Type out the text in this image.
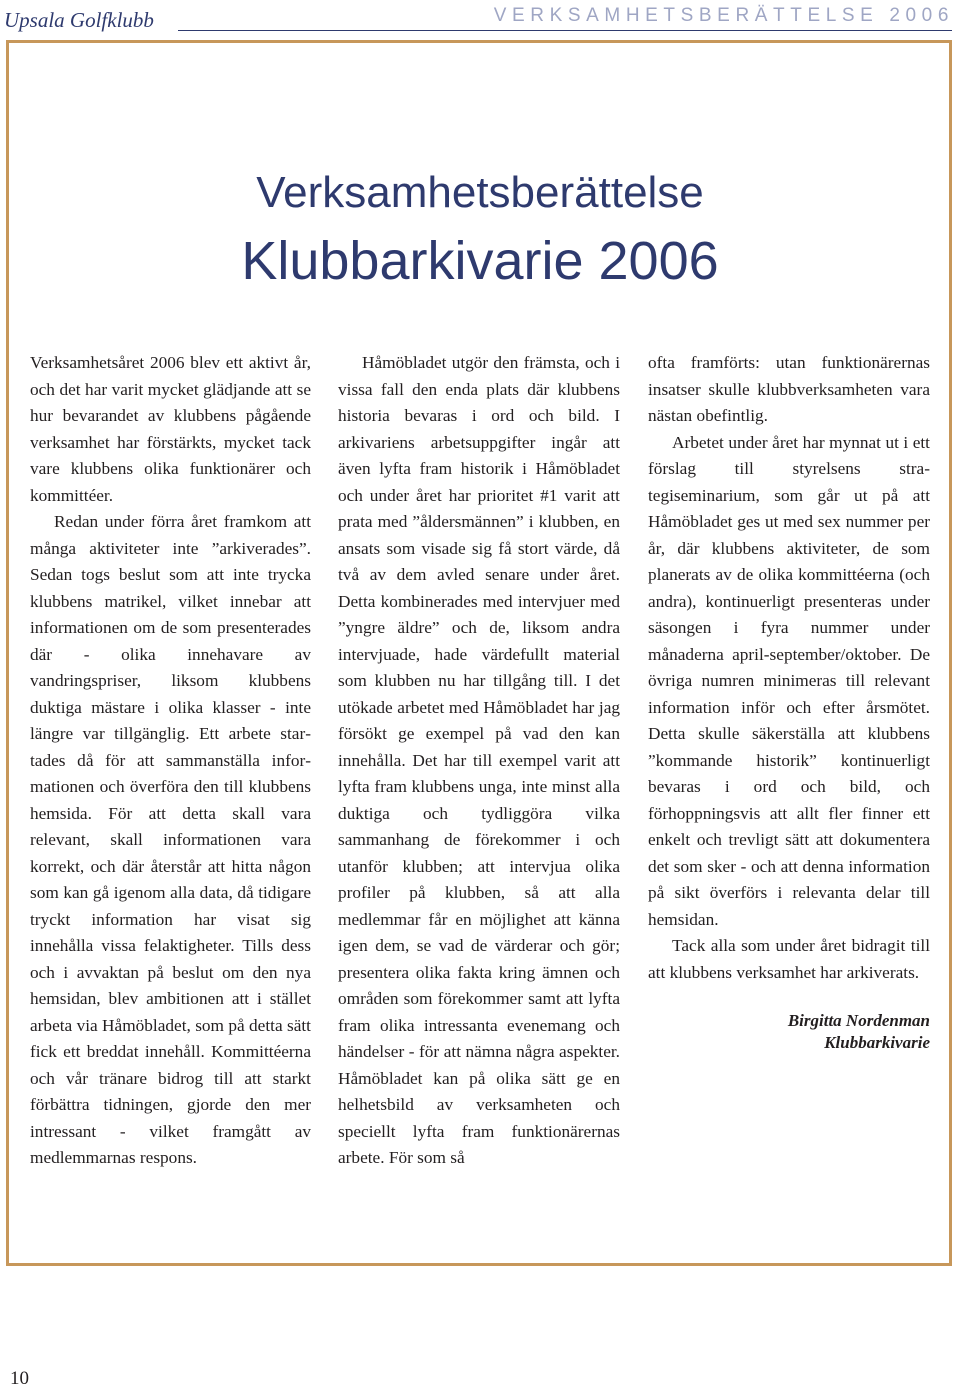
Upsala Golfklubb	VERKSAMHETSBERÄTTELSE 2006
Verksamhetsberättelse
Klubbarkivarie 2006

Verksamhetsåret 2006 blev ett aktivt år, och det har varit mycket glädjande att se hur bevarandet av klubbens pågående verksamhet har förstärkts, mycket tack vare klubbens olika funktionärer och kommittéer.

Redan under förra året framkom att många aktiviteter inte ”arkiverades”. Sedan togs beslut som att inte trycka klubbens matrikel, vilket innebar att informationen om de som presenterades där - olika innehavare av vandringspriser, liksom klubbens duktiga mästare i olika klasser - inte längre var tillgänglig. Ett arbete startades då för att sammanställa informationen och överföra den till klubbens hemsida. För att detta skall vara relevant, skall informationen vara korrekt, och där återstår att hitta någon som kan gå igenom alla data, då tidigare tryckt information har visat sig innehålla vissa felaktigheter. Tills dess och i avvaktan på beslut om den nya hemsidan, blev ambitionen att i stället arbeta via Håmöbladet, som på detta sätt fick ett breddat innehåll. Kommittéerna och vår tränare bidrog till att starkt förbättra tidningen, gjorde den mer intressant - vilket framgått av medlemmarnas respons.

Håmöbladet utgör den främsta, och i vissa fall den enda plats där klubbens historia bevaras i ord och bild. I arkivariens arbetsuppgifter ingår att även lyfta fram historik i Håmöbladet och under året har prioritet #1 varit att prata med ”åldersmännen” i klubben, en ansats som visade sig få stort värde, då två av dem avled senare under året. Detta kombinerades med intervjuer med ”yngre äldre” och de, liksom andra intervjuade, hade värdefullt material som klubben nu har tillgång till. I det utökade arbetet med Håmöbladet har jag försökt ge exempel på vad den kan innehålla. Det har till exempel varit att lyfta fram klubbens unga, inte minst alla duktiga och tydliggöra vilka sammanhang de förekommer i och utanför klubben; att intervjua olika profiler på klubben, så att alla medlemmar får en möjlighet att känna igen dem, se vad de värderar och gör; presentera olika fakta kring ämnen och områden som förekommer samt att lyfta fram olika intressanta evenemang och händelser - för att nämna några aspekter. Håmöbladet kan på olika sätt ge en helhetsbild av verksamheten och speciellt lyfta fram funktionärernas arbete. För som så

ofta framförts: utan funktionärernas insatser skulle klubbverksamheten vara nästan obefintlig.

Arbetet under året har mynnat ut i ett förslag till styrelsens strategiseminarium, som går ut på att Håmöbladet ges ut med sex nummer per år, där klubbens aktiviteter, de som planerats av de olika kommittéerna (och andra), kontinuerligt presenteras under säsongen i fyra nummer under månaderna april-september/oktober. De övriga numren minimeras till relevant information inför och efter årsmötet. Detta skulle säkerställa att klubbens ”kommande historik” kontinuerligt bevaras i ord och bild, och förhoppningsvis att allt fler finner ett enkelt och trevligt sätt att dokumentera det som sker - och att denna information på sikt överförs i relevanta delar till hemsidan.

Tack alla som under året bidragit till att klubbens verksamhet har arkiverats.

Birgitta Nordenman
Klubbarkivarie
10
